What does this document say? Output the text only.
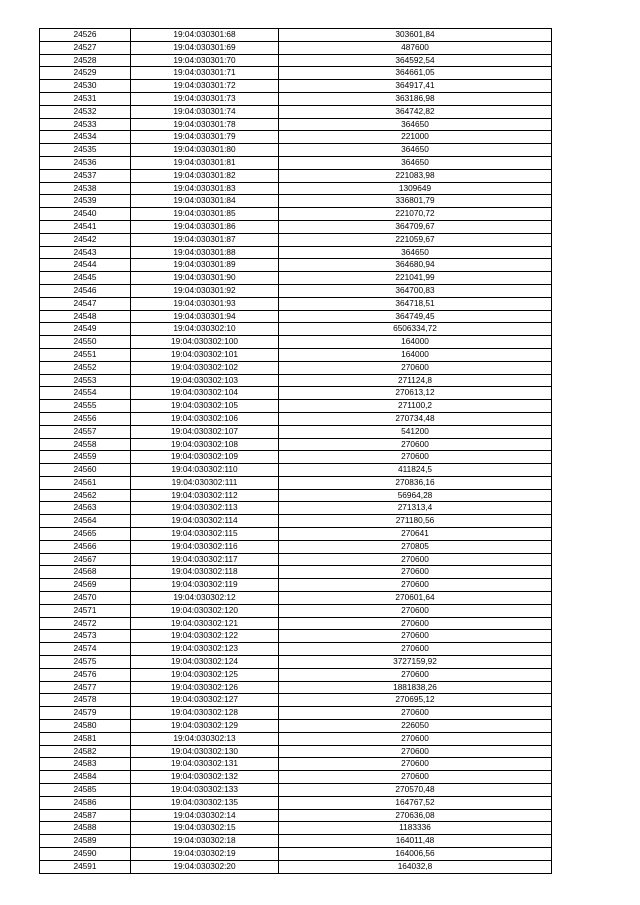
24526	19:04:030301:68	303601,84
24527	19:04:030301:69	487600
24528	19:04:030301:70	364592,54
24529	19:04:030301:71	364661,05
24530	19:04:030301:72	364917,41
24531	19:04:030301:73	363186,98
24532	19:04:030301:74	364742,82
24533	19:04:030301:78	364650
24534	19:04:030301:79	221000
24535	19:04:030301:80	364650
24536	19:04:030301:81	364650
24537	19:04:030301:82	221083,98
24538	19:04:030301:83	1309649
24539	19:04:030301:84	336801,79
24540	19:04:030301:85	221070,72
24541	19:04:030301:86	364709,67
24542	19:04:030301:87	221059,67
24543	19:04:030301:88	364650
24544	19:04:030301:89	364680,94
24545	19:04:030301:90	221041,99
24546	19:04:030301:92	364700,83
24547	19:04:030301:93	364718,51
24548	19:04:030301:94	364749,45
24549	19:04:030302:10	6506334,72
24550	19:04:030302:100	164000
24551	19:04:030302:101	164000
24552	19:04:030302:102	270600
24553	19:04:030302:103	271124,8
24554	19:04:030302:104	270613,12
24555	19:04:030302:105	271100,2
24556	19:04:030302:106	270734,48
24557	19:04:030302:107	541200
24558	19:04:030302:108	270600
24559	19:04:030302:109	270600
24560	19:04:030302:110	411824,5
24561	19:04:030302:111	270836,16
24562	19:04:030302:112	56964,28
24563	19:04:030302:113	271313,4
24564	19:04:030302:114	271180,56
24565	19:04:030302:115	270641
24566	19:04:030302:116	270805
24567	19:04:030302:117	270600
24568	19:04:030302:118	270600
24569	19:04:030302:119	270600
24570	19:04:030302:12	270601,64
24571	19:04:030302:120	270600
24572	19:04:030302:121	270600
24573	19:04:030302:122	270600
24574	19:04:030302:123	270600
24575	19:04:030302:124	3727159,92
24576	19:04:030302:125	270600
24577	19:04:030302:126	1881838,26
24578	19:04:030302:127	270695,12
24579	19:04:030302:128	270600
24580	19:04:030302:129	226050
24581	19:04:030302:13	270600
24582	19:04:030302:130	270600
24583	19:04:030302:131	270600
24584	19:04:030302:132	270600
24585	19:04:030302:133	270570,48
24586	19:04:030302:135	164767,52
24587	19:04:030302:14	270636,08
24588	19:04:030302:15	1183336
24589	19:04:030302:18	164011,48
24590	19:04:030302:19	164006,56
24591	19:04:030302:20	164032,8
